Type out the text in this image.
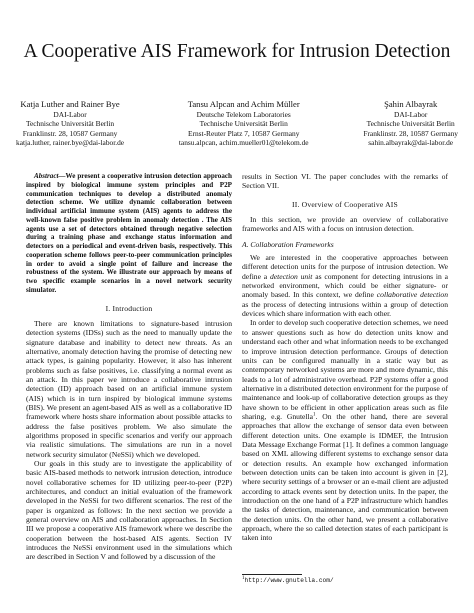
A Cooperative AIS Framework for Intrusion Detection
Katja Luther and Rainer Bye
DAI-Labor
Technische Universität Berlin
Franklinstr. 28, 10587 Germany
katja.luther, rainer.bye@dai-labor.de
Tansu Alpcan and Achim Müller
Deutsche Telekom Laboratories
Technische Universität Berlin
Ernst-Reuter Platz 7, 10587 Germany
tansu.alpcan, achim.mueller01@telekom.de
Şahin Albayrak
DAI-Labor
Technische Universität Berlin
Franklinstr. 28, 10587 Germany
sahin.albayrak@dai-labor.de

Abstract—We present a cooperative intrusion detection approach inspired by biological immune system principles and P2P communication techniques to develop a distributed anomaly detection scheme. We utilize dynamic collaboration between individual artificial immune system (AIS) agents to address the well-known false positive problem in anomaly detection . The AIS agents use a set of detectors obtained through negative selection during a training phase and exchange status information and detectors on a periodical and event-driven basis, respectively. This cooperation scheme follows peer-to-peer communication principles in order to avoid a single point of failure and increase the robustness of the system. We illustrate our approach by means of two specific example scenarios in a novel network security simulator.

I. Introduction

There are known limitations to signature-based intrusion detection systems (IDSs) such as the need to manually update the signature database and inability to detect new threats. As an alternative, anomaly detection having the promise of detecting new attack types, is gaining popularity. However, it also has inherent problems such as false positives, i.e. classifying a normal event as an attack. In this paper we introduce a collaborative intrusion detection (ID) approach based on an artificial immune system (AIS) which is in turn inspired by biological immune systems (BIS). We present an agent-based AIS as well as a collaborative ID framework where hosts share information about possible attacks to address the false positives problem. We also simulate the algorithms proposed in specific scenarios and verify our approach via realistic simulations. The simulations are run in a novel network security simulator (NeSSi) which we developed.

Our goals in this study are to investigate the applicability of basic AIS-based methods to network intrusion detection, introduce novel collaborative schemes for ID utilizing peer-to-peer (P2P) architectures, and conduct an initial evaluation of the framework developed in the NeSSi for two different scenarios. The rest of the paper is organized as follows: In the next section we provide a general overview on AIS and collaboration approaches. In Section III we propose a cooperative AIS framework where we describe the cooperation between the host-based AIS agents. Section IV introduces the NeSSi environment used in the simulations which are described in Section V and followed by a discussion of the

results in Section VI. The paper concludes with the remarks of Section VII.

II. Overview of Cooperative AIS

In this section, we provide an overview of collaborative frameworks and AIS with a focus on intrusion detection.

A. Collaboration Frameworks

We are interested in the cooperative approaches between different detection units for the purpose of intrusion detection. We define a detection unit as component for detecting intrusions in a networked environment, which could be either signature- or anomaly based. In this context, we define collaborative detection as the process of detecting intrusions within a group of detection devices which share information with each other.

In order to develop such cooperative detection schemes, we need to answer questions such as how do detection units know and understand each other and what information needs to be exchanged to improve intrusion detection performance. Groups of detection units can be configured manually in a static way but as contemporary networked systems are more and more dynamic, this leads to a lot of administrative overhead. P2P systems offer a good alternative in a distributed detection environment for the purpose of maintenance and look-up of collaborative detection groups as they have shown to be efficient in other application areas such as file sharing, e.g. Gnutella$^1$. On the other hand, there are several approaches that allow the exchange of sensor data even between different detection units. One example is IDMEF, the Intrusion Data Message Exchange Format [1]. It defines a common language based on XML allowing different systems to exchange sensor data or detection results. An example how exchanged information between detection units can be taken into account is given in [2], where security settings of a browser or an e-mail client are adjusted according to attack events sent by detection units. In the paper, the introduction on the one hand of a P2P infrastructure which handles the tasks of detection, maintenance, and communication between the detection units. On the other hand, we present a collaborative approach, where the so called detection states of each participant is taken into

$^1$http://www.gnutella.com/
